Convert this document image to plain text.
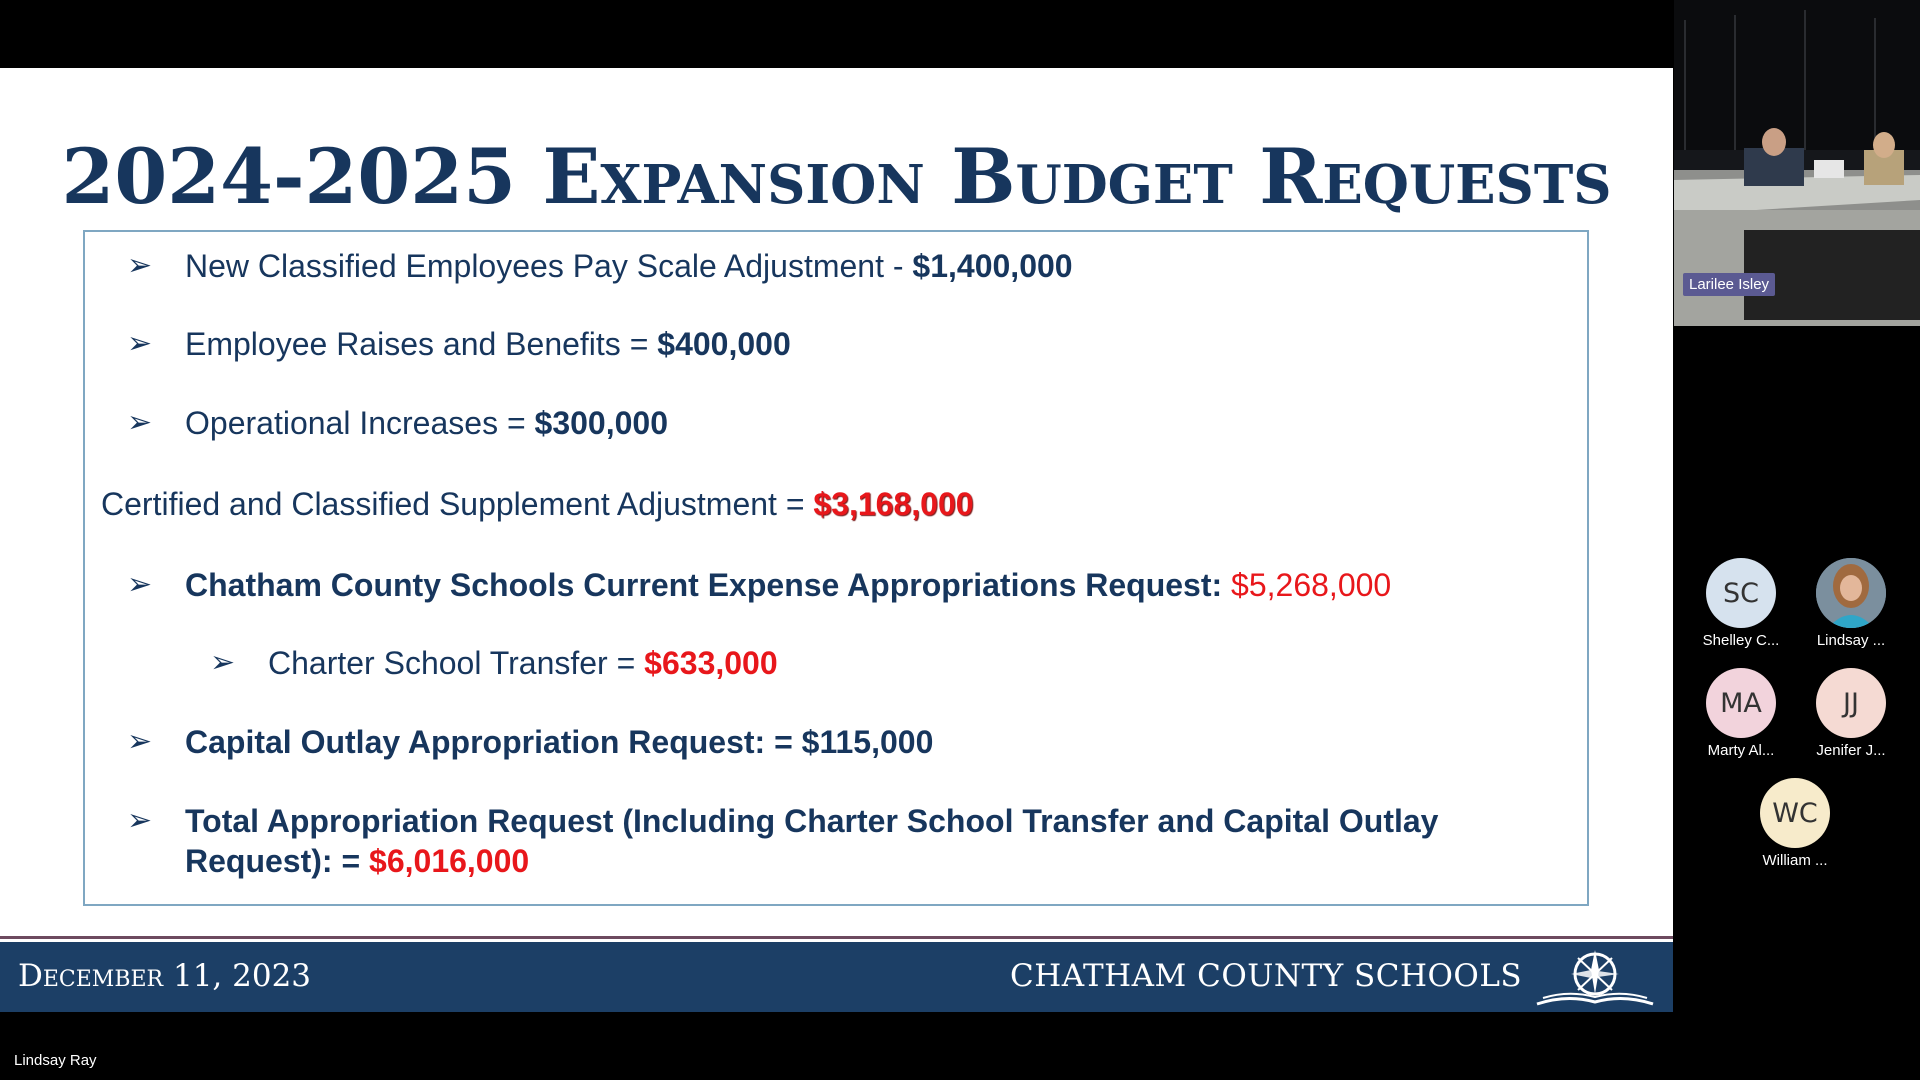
2024-2025 Expansion Budget Requests
➢ New Classified Employees Pay Scale Adjustment - $1,400,000
➢ Employee Raises and Benefits = $400,000
➢ Operational Increases = $300,000
Certified and Classified Supplement Adjustment = $3,168,000
➢ Chatham County Schools Current Expense Appropriations Request: $5,268,000
➢ Charter School Transfer = $633,000
➢ Capital Outlay Appropriation Request: = $115,000
➢ Total Appropriation Request (Including Charter School Transfer and Capital Outlay
Request): = $6,016,000
December 11, 2023	CHATHAM COUNTY SCHOOLS
Larilee Isley
SC
Shelley C...	Lindsay ...
MA
Marty Al...
JJ
Jenifer J...
WC
William ...
Lindsay Ray
